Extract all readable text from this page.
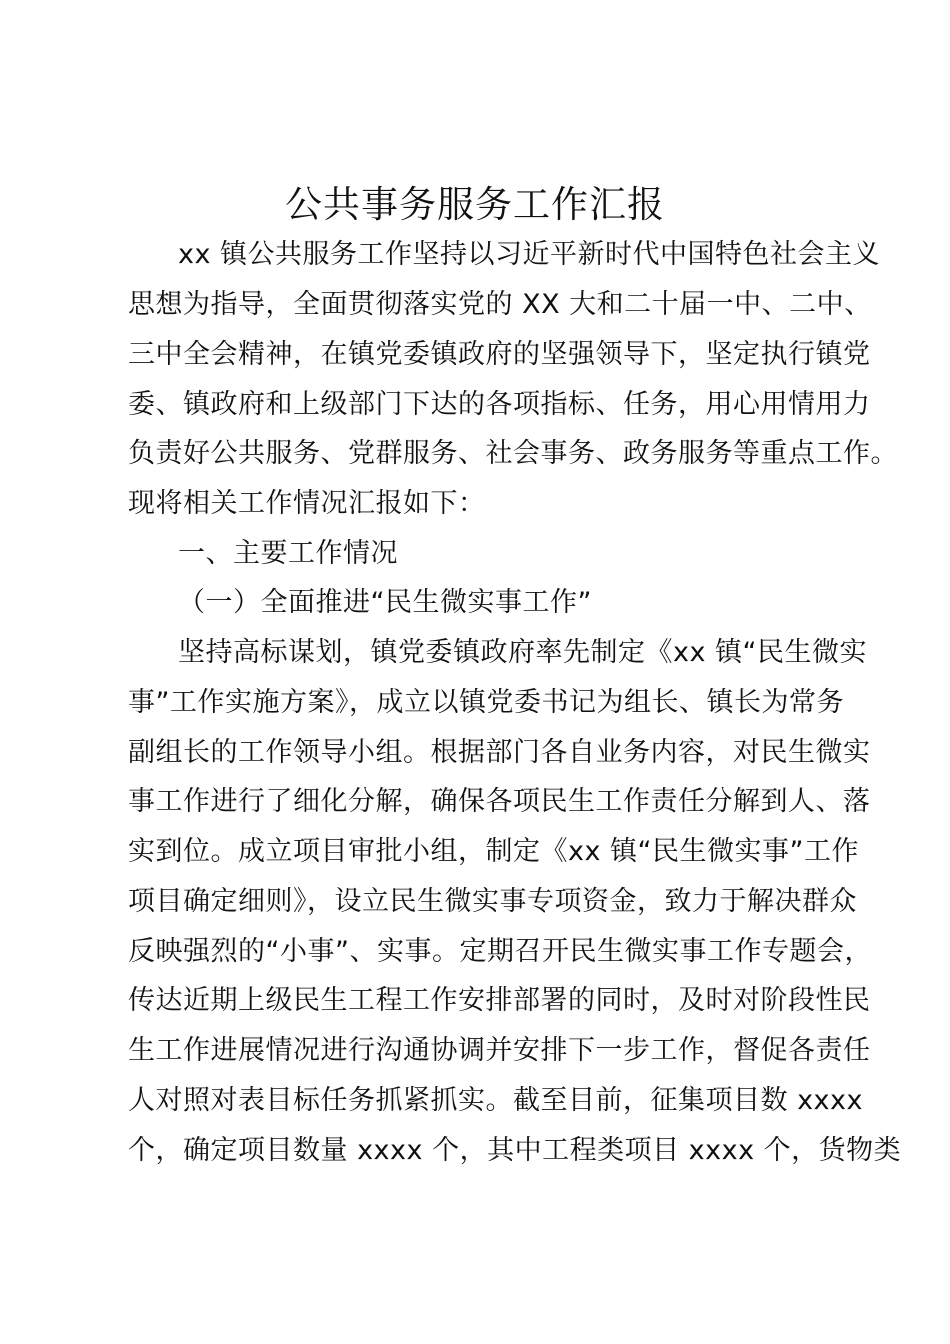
公共事务服务工作汇报
xx 镇公共服务工作坚持以习近平新时代中国特色社会主义
思想为指导，全面贯彻落实党的 XX 大和二十届一中、二中、
三中全会精神，在镇党委镇政府的坚强领导下，坚定执行镇党
委、镇政府和上级部门下达的各项指标、任务，用心用情用力
负责好公共服务、党群服务、社会事务、政务服务等重点工作。
现将相关工作情况汇报如下：
一、主要工作情况
（一）全面推进“民生微实事工作”
坚持高标谋划，镇党委镇政府率先制定《xx 镇“民生微实
事”工作实施方案》，成立以镇党委书记为组长、镇长为常务
副组长的工作领导小组。根据部门各自业务内容，对民生微实
事工作进行了细化分解，确保各项民生工作责任分解到人、落
实到位。成立项目审批小组，制定《xx 镇“民生微实事”工作
项目确定细则》，设立民生微实事专项资金，致力于解决群众
反映强烈的“小事”、实事。定期召开民生微实事工作专题会，
传达近期上级民生工程工作安排部署的同时，及时对阶段性民
生工作进展情况进行沟通协调并安排下一步工作，督促各责任
人对照对表目标任务抓紧抓实。截至目前，征集项目数 xxxx
个，确定项目数量 xxxx 个，其中工程类项目 xxxx 个，货物类
